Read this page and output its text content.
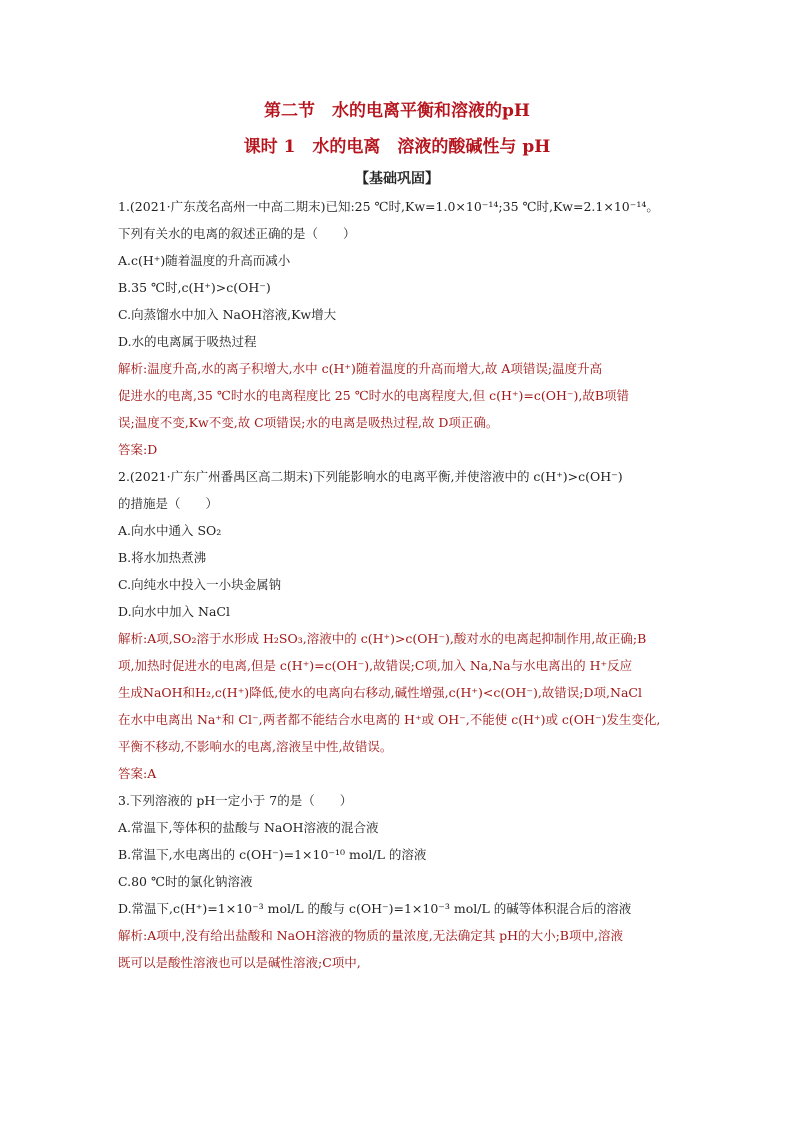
第二节　水的电离平衡和溶液的pH
课时 1　水的电离　溶液的酸碱性与 pH
【基础巩固】
1.(2021·广东茂名高州一中高二期末)已知:25 ℃时,Kw=1.0×10⁻¹⁴;35 ℃时,Kw=2.1×10⁻¹⁴。
下列有关水的电离的叙述正确的是（　　）
A.c(H⁺)随着温度的升高而减小
B.35 ℃时,c(H⁺)>c(OH⁻)
C.向蒸馏水中加入 NaOH溶液,Kw增大
D.水的电离属于吸热过程
解析:温度升高,水的离子积增大,水中 c(H⁺)随着温度的升高而增大,故 A项错误;温度升高
促进水的电离,35 ℃时水的电离程度比 25 ℃时水的电离程度大,但 c(H⁺)=c(OH⁻),故B项错
误;温度不变,Kw不变,故 C项错误;水的电离是吸热过程,故 D项正确。
答案:D
2.(2021·广东广州番禺区高二期末)下列能影响水的电离平衡,并使溶液中的 c(H⁺)>c(OH⁻)
的措施是（　　）
A.向水中通入 SO₂
B.将水加热煮沸
C.向纯水中投入一小块金属钠
D.向水中加入 NaCl
解析:A项,SO₂溶于水形成 H₂SO₃,溶液中的 c(H⁺)>c(OH⁻),酸对水的电离起抑制作用,故正确;B
项,加热时促进水的电离,但是 c(H⁺)=c(OH⁻),故错误;C项,加入 Na,Na与水电离出的 H⁺反应
生成NaOH和H₂,c(H⁺)降低,使水的电离向右移动,碱性增强,c(H⁺)<c(OH⁻),故错误;D项,NaCl
在水中电离出 Na⁺和 Cl⁻,两者都不能结合水电离的 H⁺或 OH⁻,不能使 c(H⁺)或 c(OH⁻)发生变化,
平衡不移动,不影响水的电离,溶液呈中性,故错误。
答案:A
3.下列溶液的 pH一定小于 7的是（　　）
A.常温下,等体积的盐酸与 NaOH溶液的混合液
B.常温下,水电离出的 c(OH⁻)=1×10⁻¹⁰ mol/L 的溶液
C.80 ℃时的氯化钠溶液
D.常温下,c(H⁺)=1×10⁻³ mol/L 的酸与 c(OH⁻)=1×10⁻³ mol/L 的碱等体积混合后的溶液
解析:A项中,没有给出盐酸和 NaOH溶液的物质的量浓度,无法确定其 pH的大小;B项中,溶液
既可以是酸性溶液也可以是碱性溶液;C项中,
